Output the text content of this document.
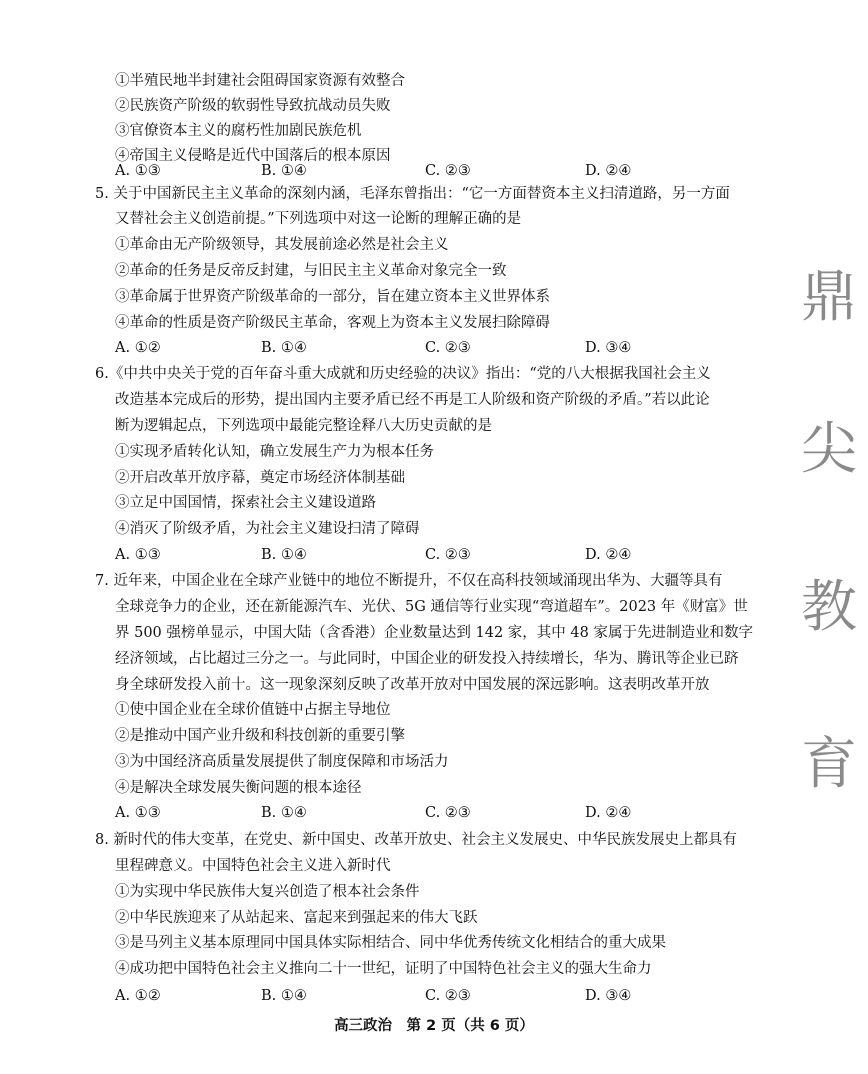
①半殖民地半封建社会阻碍国家资源有效整合
②民族资产阶级的软弱性导致抗战动员失败
③官僚资本主义的腐朽性加剧民族危机
④帝国主义侵略是近代中国落后的根本原因
A. ①③	B. ①④	C. ②③	D. ②④
5. 关于中国新民主主义革命的深刻内涵，毛泽东曾指出：“它一方面替资本主义扫清道路，另一方面
又替社会主义创造前提。”下列选项中对这一论断的理解正确的是
①革命由无产阶级领导，其发展前途必然是社会主义
②革命的任务是反帝反封建，与旧民主主义革命对象完全一致
③革命属于世界资产阶级革命的一部分，旨在建立资本主义世界体系
④革命的性质是资产阶级民主革命，客观上为资本主义发展扫除障碍
A. ①②	B. ①④	C. ②③	D. ③④
6.《中共中央关于党的百年奋斗重大成就和历史经验的决议》指出：“党的八大根据我国社会主义
改造基本完成后的形势，提出国内主要矛盾已经不再是工人阶级和资产阶级的矛盾。”若以此论
断为逻辑起点，下列选项中最能完整诠释八大历史贡献的是
①实现矛盾转化认知，确立发展生产力为根本任务
②开启改革开放序幕，奠定市场经济体制基础
③立足中国国情，探索社会主义建设道路
④消灭了阶级矛盾，为社会主义建设扫清了障碍
A. ①③	B. ①④	C. ②③	D. ②④
7. 近年来，中国企业在全球产业链中的地位不断提升，不仅在高科技领域涌现出华为、大疆等具有
全球竞争力的企业，还在新能源汽车、光伏、5G 通信等行业实现“弯道超车”。2023 年《财富》世
界 500 强榜单显示，中国大陆（含香港）企业数量达到 142 家，其中 48 家属于先进制造业和数字
经济领域，占比超过三分之一。与此同时，中国企业的研发投入持续增长，华为、腾讯等企业已跻
身全球研发投入前十。这一现象深刻反映了改革开放对中国发展的深远影响。这表明改革开放
①使中国企业在全球价值链中占据主导地位
②是推动中国产业升级和科技创新的重要引擎
③为中国经济高质量发展提供了制度保障和市场活力
④是解决全球发展失衡问题的根本途径
A. ①③	B. ①④	C. ②③	D. ②④
8. 新时代的伟大变革，在党史、新中国史、改革开放史、社会主义发展史、中华民族发展史上都具有
里程碑意义。中国特色社会主义进入新时代
①为实现中华民族伟大复兴创造了根本社会条件
②中华民族迎来了从站起来、富起来到强起来的伟大飞跃
③是马列主义基本原理同中国具体实际相结合、同中华优秀传统文化相结合的重大成果
④成功把中国特色社会主义推向二十一世纪，证明了中国特色社会主义的强大生命力
A. ①②	B. ①④	C. ②③	D. ③④
鼎
尖
教
育
高三政治　第 2 页（共 6 页）
